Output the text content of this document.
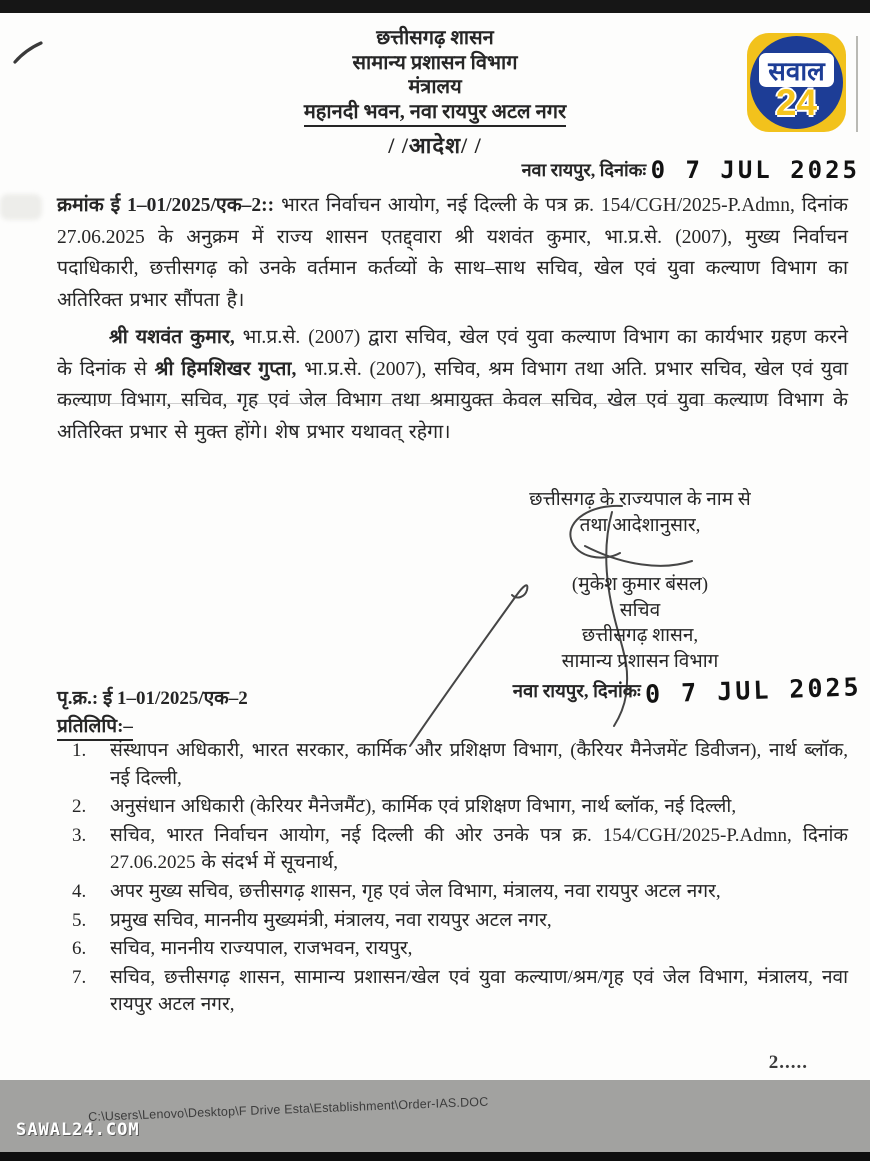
सवाल
24
छत्तीसगढ़ शासन
सामान्य प्रशासन विभाग
मंत्रालय
महानदी भवन, नवा रायपुर अटल नगर
/ /आदेश/ /
नवा रायपुर, दिनांकः 0 7 JUL 2025
क्रमांक ई 1–01/2025/एक–2:: भारत निर्वाचन आयोग, नई दिल्ली के पत्र क्र. 154/CGH/2025-P.Admn, दिनांक 27.06.2025 के अनुक्रम में राज्य शासन एतद्द्वारा श्री यशवंत कुमार, भा.प्र.से. (2007), मुख्य निर्वाचन पदाधिकारी, छत्तीसगढ़ को उनके वर्तमान कर्तव्यों के साथ–साथ सचिव, खेल एवं युवा कल्याण विभाग का अतिरिक्त प्रभार सौंपता है।
श्री यशवंत कुमार, भा.प्र.से. (2007) द्वारा सचिव, खेल एवं युवा कल्याण विभाग का कार्यभार ग्रहण करने के दिनांक से श्री हिमशिखर गुप्ता, भा.प्र.से. (2007), सचिव, श्रम विभाग तथा अति. प्रभार सचिव, खेल एवं युवा कल्याण विभाग, सचिव, गृह एवं जेल विभाग तथा श्रमायुक्त केवल सचिव, खेल एवं युवा कल्याण विभाग के अतिरिक्त प्रभार से मुक्त होंगे। शेष प्रभार यथावत् रहेगा।
छत्तीसगढ़ के राज्यपाल के नाम से
तथा आदेशानुसार,
(मुकेश कुमार बंसल)
सचिव
छत्तीसगढ़ शासन,
सामान्य प्रशासन विभाग
नवा रायपुर, दिनांकः 0 7 JUL 2025
पृ.क्र.: ई 1–01/2025/एक–2
प्रतिलिपि:–
संस्थापन अधिकारी, भारत सरकार, कार्मिक और प्रशिक्षण विभाग, (कैरियर मैनेजमेंट डिवीजन), नार्थ ब्लॉक, नई दिल्ली,
अनुसंधान अधिकारी (केरियर मैनेजमैंट), कार्मिक एवं प्रशिक्षण विभाग, नार्थ ब्लॉक, नई दिल्ली,
सचिव, भारत निर्वाचन आयोग, नई दिल्ली की ओर उनके पत्र क्र. 154/CGH/2025-P.Admn, दिनांक 27.06.2025 के संदर्भ में सूचनार्थ,
अपर मुख्य सचिव, छत्तीसगढ़ शासन, गृह एवं जेल विभाग, मंत्रालय, नवा रायपुर अटल नगर,
प्रमुख सचिव, माननीय मुख्यमंत्री, मंत्रालय, नवा रायपुर अटल नगर,
सचिव, माननीय राज्यपाल, राजभवन, रायपुर,
सचिव, छत्तीसगढ़ शासन, सामान्य प्रशासन/खेल एवं युवा कल्याण/श्रम/गृह एवं जेल विभाग, मंत्रालय, नवा रायपुर अटल नगर,
2.....
C:\Users\Lenovo\Desktop\F Drive Esta\Establishment\Order-IAS.DOC
SAWAL24.COM
